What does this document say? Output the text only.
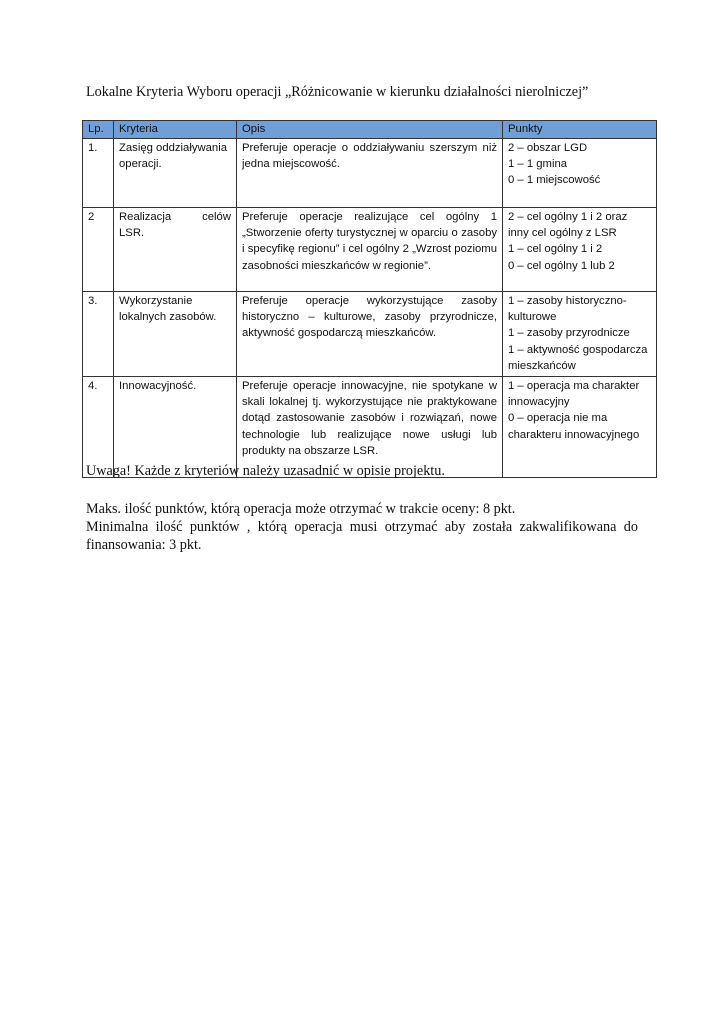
Lokalne Kryteria Wyboru operacji „Różnicowanie w kierunku działalności nierolniczej”
Lp.	Kryteria	Opis	Punkty
1.	Zasięg oddziaływania operacji.	Preferuje operacje o oddziaływaniu szerszym niż jedna miejscowość.	2 – obszar LGD
1 – 1 gmina
0 – 1 miejscowość

2	Realizacja celów LSR.	Preferuje operacje realizujące cel ogólny 1 „Stworzenie oferty turystycznej w oparciu o zasoby i specyfikę regionu” i cel ogólny 2 „Wzrost poziomu zasobności mieszkańców w regionie”.	2 – cel ogólny 1 i 2 oraz inny cel ogólny z LSR
1 – cel ogólny 1 i 2
0 – cel ogólny 1 lub 2

3.	Wykorzystanie lokalnych zasobów.	Preferuje operacje wykorzystujące zasoby historyczno – kulturowe, zasoby przyrodnicze, aktywność gospodarczą mieszkańców.	1 – zasoby historyczno-kulturowe
1 – zasoby przyrodnicze
1 – aktywność gospodarcza mieszkańców

4.	Innowacyjność.	Preferuje operacje innowacyjne, nie spotykane w skali lokalnej tj. wykorzystujące nie praktykowane dotąd zastosowanie zasobów i rozwiązań, nowe technologie lub realizujące nowe usługi lub produkty na obszarze LSR.	1 – operacja ma charakter innowacyjny
0 – operacja nie ma charakteru innowacyjnego
Uwaga! Każde z kryteriów należy uzasadnić w opisie projektu.
Maks. ilość punktów, którą operacja może otrzymać w trakcie oceny: 8 pkt.
Minimalna ilość punktów , którą operacja musi otrzymać aby została zakwalifikowana do finansowania: 3 pkt.
